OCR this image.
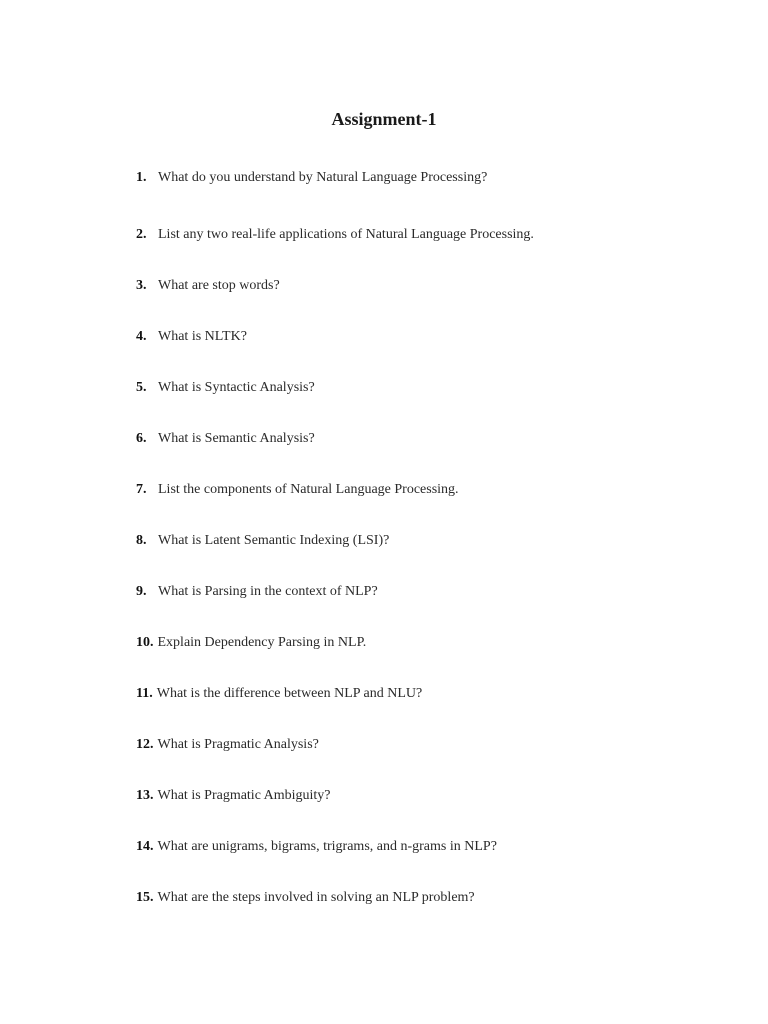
Assignment-1
1. What do you understand by Natural Language Processing?
2. List any two real-life applications of Natural Language Processing.
3. What are stop words?
4. What is NLTK?
5. What is Syntactic Analysis?
6. What is Semantic Analysis?
7. List the components of Natural Language Processing.
8. What is Latent Semantic Indexing (LSI)?
9. What is Parsing in the context of NLP?
10. Explain Dependency Parsing in NLP.
11. What is the difference between NLP and NLU?
12. What is Pragmatic Analysis?
13. What is Pragmatic Ambiguity?
14. What are unigrams, bigrams, trigrams, and n-grams in NLP?
15. What are the steps involved in solving an NLP problem?
